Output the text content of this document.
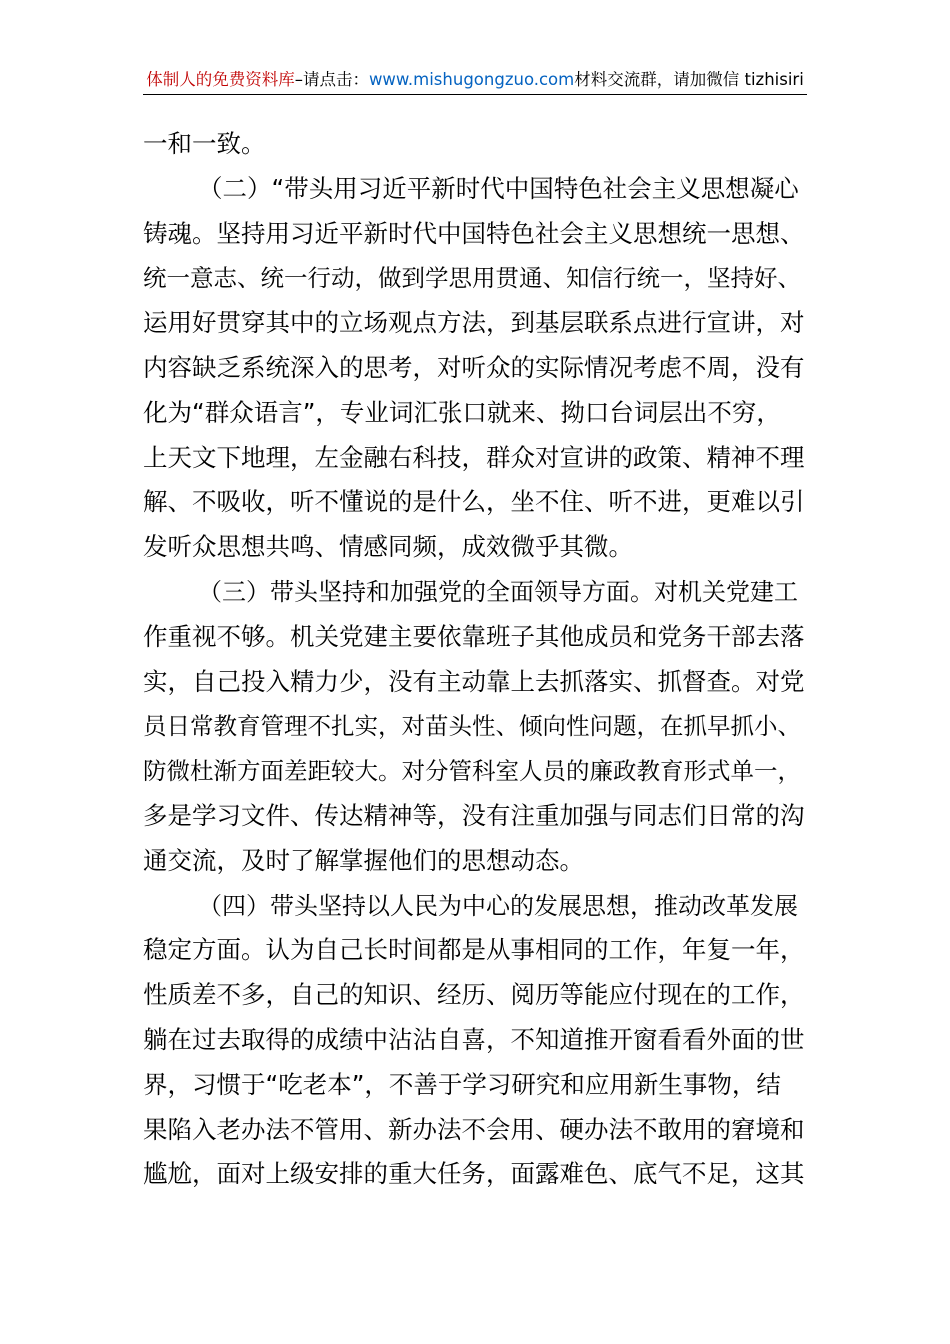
体制人的免费资料库–请点击：www.mishugongzuo.com材料交流群，请加微信 tizhisiri
一和一致。
（二）“带头用习近平新时代中国特色社会主义思想凝心
铸魂。坚持用习近平新时代中国特色社会主义思想统一思想、
统一意志、统一行动，做到学思用贯通、知信行统一，坚持好、
运用好贯穿其中的立场观点方法，到基层联系点进行宣讲，对
内容缺乏系统深入的思考，对听众的实际情况考虑不周，没有
化为“群众语言”，专业词汇张口就来、拗口台词层出不穷，
上天文下地理，左金融右科技，群众对宣讲的政策、精神不理
解、不吸收，听不懂说的是什么，坐不住、听不进，更难以引
发听众思想共鸣、情感同频，成效微乎其微。
（三）带头坚持和加强党的全面领导方面。对机关党建工
作重视不够。机关党建主要依靠班子其他成员和党务干部去落
实，自己投入精力少，没有主动靠上去抓落实、抓督查。对党
员日常教育管理不扎实，对苗头性、倾向性问题，在抓早抓小、
防微杜渐方面差距较大。对分管科室人员的廉政教育形式单一，
多是学习文件、传达精神等，没有注重加强与同志们日常的沟
通交流，及时了解掌握他们的思想动态。
（四）带头坚持以人民为中心的发展思想，推动改革发展
稳定方面。认为自己长时间都是从事相同的工作，年复一年，
性质差不多，自己的知识、经历、阅历等能应付现在的工作，
躺在过去取得的成绩中沾沾自喜，不知道推开窗看看外面的世
界，习惯于“吃老本”，不善于学习研究和应用新生事物，结
果陷入老办法不管用、新办法不会用、硬办法不敢用的窘境和
尴尬，面对上级安排的重大任务，面露难色、底气不足，这其
